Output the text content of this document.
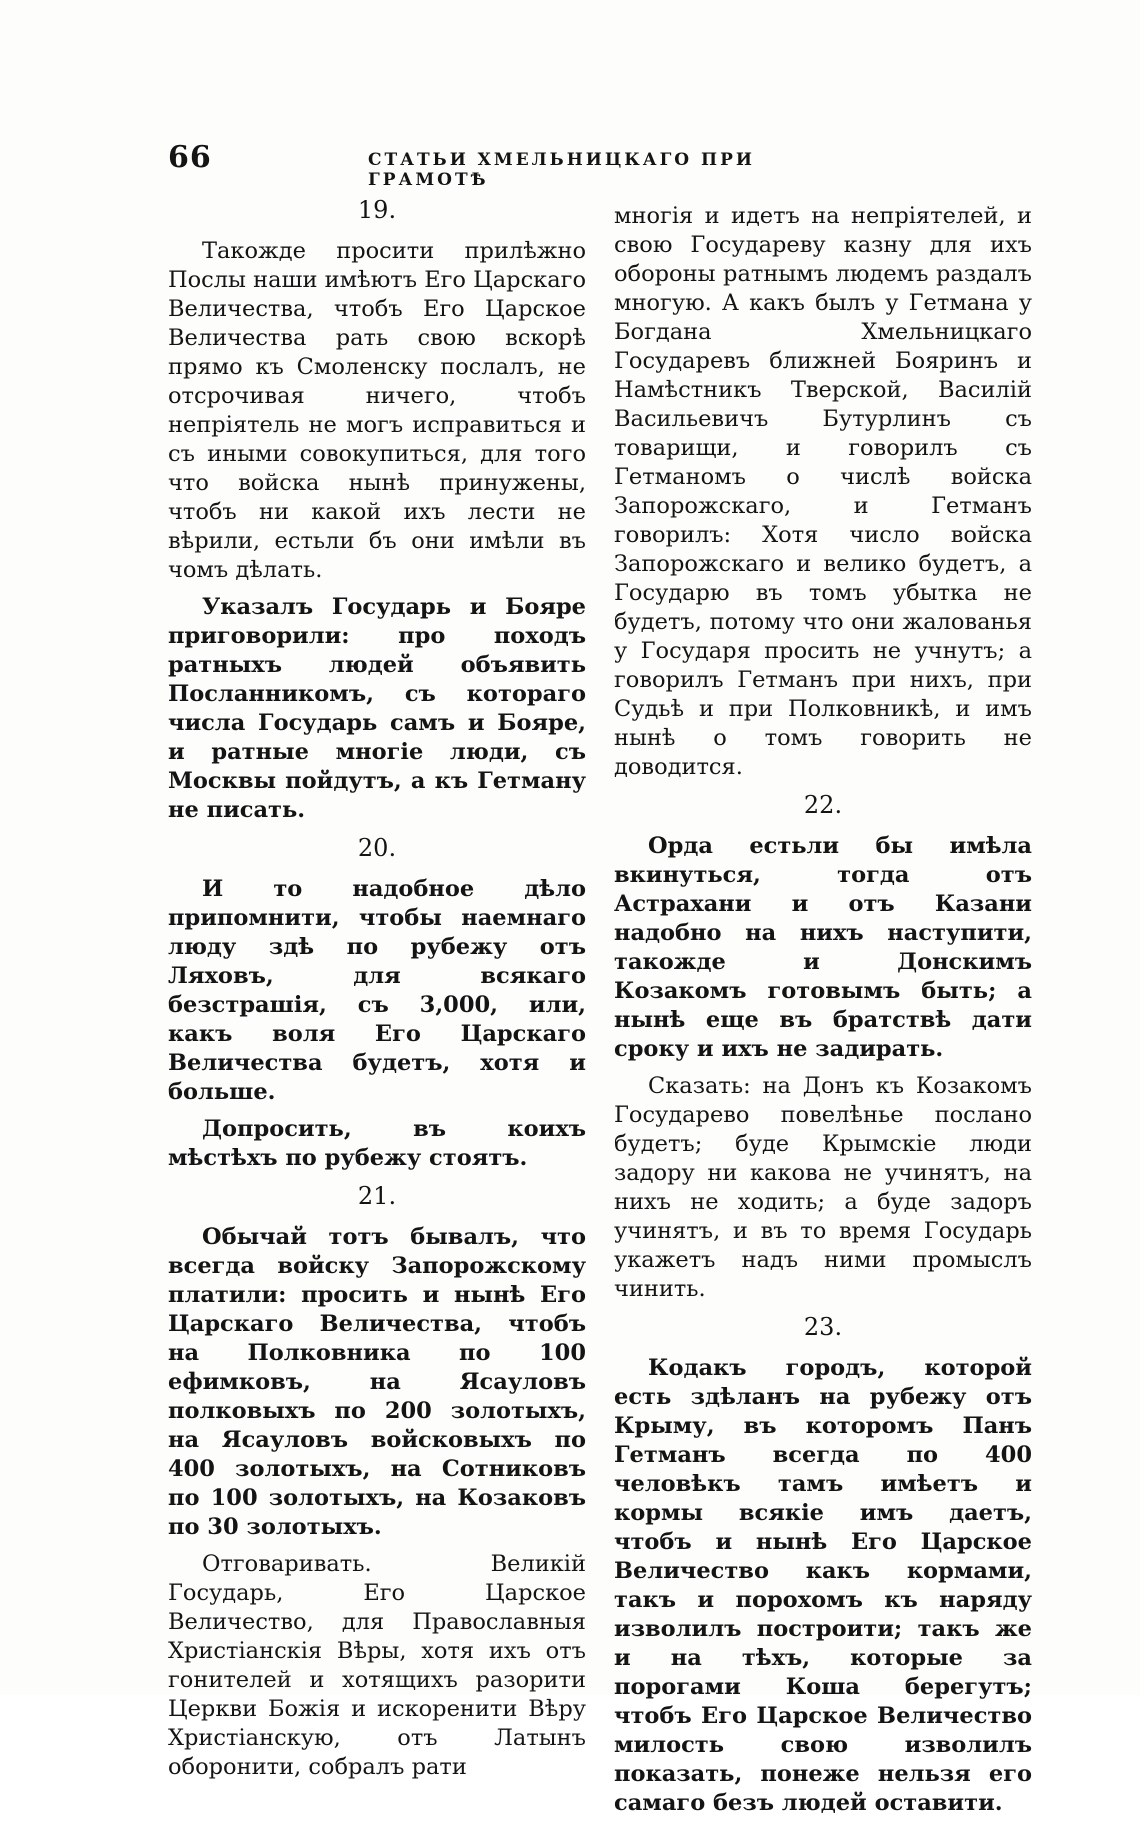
66	СТАТЬИ ХМЕЛЬНИЦКАГО ПРИ ГРАМОТѢ
19.

Такожде просити прилѣжно Послы наши имѣютъ Его Царскаго Величества, чтобъ Его Царское Величества рать свою вскорѣ прямо къ Смоленску послалъ, не отсрочивая ничего, чтобъ непріятель не могъ исправиться и съ иными совокупиться, для того что войска нынѣ принужены, чтобъ ни какой ихъ лести не вѣрили, естьли бъ они имѣли въ чомъ дѣлать.

Указалъ Государь и Бояре приговорили: про походъ ратныхъ людей объявить Посланникомъ, съ котораго числа Государь самъ и Бояре, и ратные многіе люди, съ Москвы пойдутъ, а къ Гетману не писать.

20.

И то надобное дѣло припомнити, чтобы наемнаго люду здѣ по рубежу отъ Ляховъ, для всякаго безстрашія, съ 3,000, или, какъ воля Его Царскаго Величества будетъ, хотя и больше.

Допросить, въ коихъ мѣстѣхъ по рубежу стоятъ.

21.

Обычай тотъ бывалъ, что всегда войску Запорожскому платили: просить и нынѣ Его Царскаго Величества, чтобъ на Полковника по 100 ефимковъ, на Ясауловъ полковыхъ по 200 золотыхъ, на Ясауловъ войсковыхъ по 400 золотыхъ, на Сотниковъ по 100 золотыхъ, на Козаковъ по 30 золотыхъ.

Отговаривать. Великій Государь, Его Царское Величество, для Православныя Христіанскія Вѣры, хотя ихъ отъ гонителей и хотящихъ разорити Церкви Божія и искоренити Вѣру Христіанскую, отъ Латынъ оборонити, собралъ рати

многія и идетъ на непріятелей, и свою Государеву казну для ихъ обороны ратнымъ людемъ раздалъ многую. А какъ былъ у Гетмана у Богдана Хмельницкаго Государевъ ближней Бояринъ и Намѣстникъ Тверской, Василій Васильевичъ Бутурлинъ съ товарищи, и говорилъ съ Гетманомъ о числѣ войска Запорожскаго, и Гетманъ говорилъ: Хотя число войска Запорожскаго и велико будетъ, а Государю въ томъ убытка не будетъ, потому что они жалованья у Государя просить не учнутъ; а говорилъ Гетманъ при нихъ, при Судьѣ и при Полковникѣ, и имъ нынѣ о томъ говорить не доводится.

22.

Орда естьли бы имѣла вкинуться, тогда отъ Астрахани и отъ Казани надобно на нихъ наступити, такожде и Донскимъ Козакомъ готовымъ быть; а нынѣ еще въ братствѣ дати сроку и ихъ не задирать.

Сказать: на Донъ къ Козакомъ Государево повелѣнье послано будетъ; буде Крымскіе люди задору ни какова не учинятъ, на нихъ не ходить; а буде задоръ учинятъ, и въ то время Государь укажетъ надъ ними промыслъ чинить.

23.

Кодакъ городъ, которой есть здѣланъ на рубежу отъ Крыму, въ которомъ Панъ Гетманъ всегда по 400 человѣкъ тамъ имѣетъ и кормы всякіе имъ даетъ, чтобъ и нынѣ Его Царское Величество какъ кормами, такъ и порохомъ къ наряду изволилъ построити; такъ же и на тѣхъ, которые за порогами Коша берегутъ; чтобъ Его Царское Величество милость свою изволилъ показать, понеже нельзя его самаго безъ людей оставити.
